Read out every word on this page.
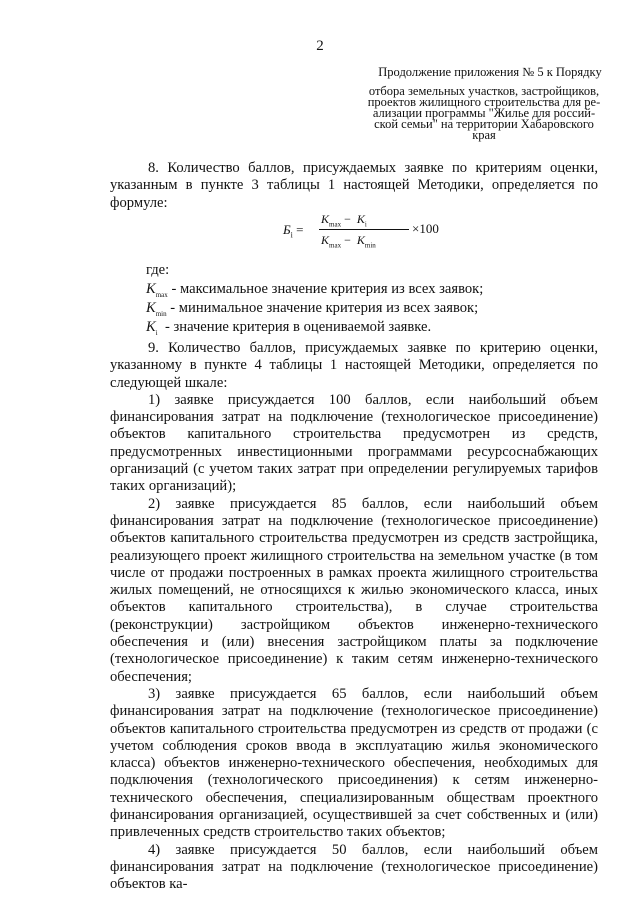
2
Продолжение приложения № 5 к Порядку
отбора земельных участков, застройщиков,
проектов жилищного строительства для ре-
ализации программы "Жилье для россий-
ской семьи" на территории Хабаровского
края

8. Количество баллов, присуждаемых заявке по критериям оценки, указанным в пункте 3 таблицы 1 настоящей Методики, определяется по формуле:

$Б_i$ =
$K_{max} - K_i$
$K_{max} - K_{min}$
×100
где:
$K_{max}$ - максимальное значение критерия из всех заявок;
$K_{min}$ - минимальное значение критерия из всех заявок;
$K_i$ - значение критерия в оцениваемой заявке.

9. Количество баллов, присуждаемых заявке по критерию оценки, указанному в пункте 4 таблицы 1 настоящей Методики, определяется по следующей шкале:

1) заявке присуждается 100 баллов, если наибольший объем финансирования затрат на подключение (технологическое присоединение) объектов капитального строительства предусмотрен из средств, предусмотренных инвестиционными программами ресурсоснабжающих организаций (с учетом таких затрат при определении регулируемых тарифов таких организаций);

2) заявке присуждается 85 баллов, если наибольший объем финансирования затрат на подключение (технологическое присоединение) объектов капитального строительства предусмотрен из средств застройщика, реализующего проект жилищного строительства на земельном участке (в том числе от продажи построенных в рамках проекта жилищного строительства жилых помещений, не относящихся к жилью экономического класса, иных объектов капитального строительства), в случае строительства (реконструкции) застройщиком объектов инженерно-технического обеспечения и (или) внесения застройщиком платы за подключение (технологическое присоединение) к таким сетям инженерно-технического обеспечения;

3) заявке присуждается 65 баллов, если наибольший объем финансирования затрат на подключение (технологическое присоединение) объектов капитального строительства предусмотрен из средств от продажи (с учетом соблюдения сроков ввода в эксплуатацию жилья экономического класса) объектов инженерно-технического обеспечения, необходимых для подключения (технологического присоединения) к сетям инженерно-технического обеспечения, специализированным обществам проектного финансирования организацией, осуществившей за счет собственных и (или) привлеченных средств строительство таких объектов;

4) заявке присуждается 50 баллов, если наибольший объем финансирования затрат на подключение (технологическое присоединение) объектов ка-
